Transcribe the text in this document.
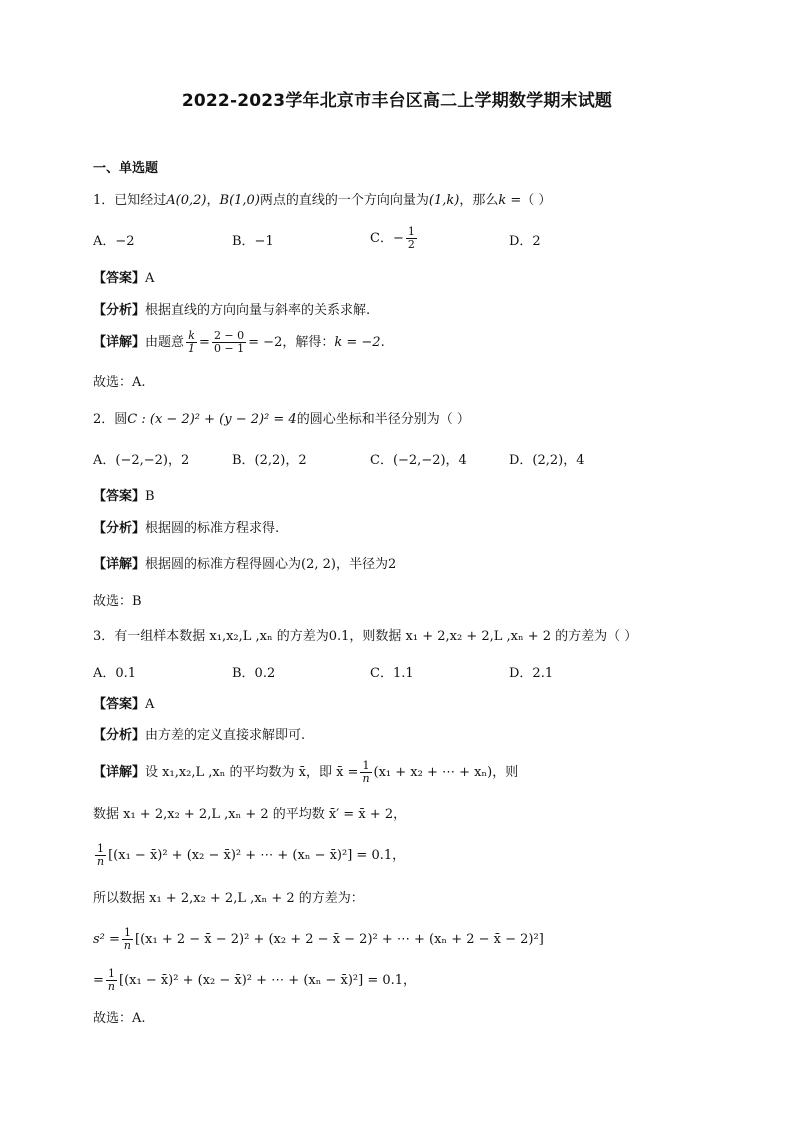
2022-2023学年北京市丰台区高二上学期数学期末试题
一、单选题
1．已知经过A(0,2)，B(1,0)两点的直线的一个方向向量为(1,k)，那么k =（ ）
A．−2	B．−1	C．− $\frac{1}{2}$	D．2
【答案】A
【分析】根据直线的方向向量与斜率的关系求解.
【详解】由题意 $\frac{k}{1} = \frac{2 - 0}{0 - 1} = -2$，解得：k = −2.
故选：A.
2．圆C : (x − 2)² + (y − 2)² = 4的圆心坐标和半径分别为（ ）
A．(−2,−2)，2	B．(2,2)，2	C．(−2,−2)，4	D．(2,2)，4
【答案】B
【分析】根据圆的标准方程求得.
【详解】根据圆的标准方程得圆心为(2, 2)，半径为2
故选：B
3．有一组样本数据 x₁,x₂,L ,xₙ 的方差为0.1，则数据 x₁ + 2,x₂ + 2,L ,xₙ + 2 的方差为（ ）
A．0.1	B．0.2	C．1.1	D．2.1
【答案】A
【分析】由方差的定义直接求解即可.
【详解】设 x₁,x₂,L ,xₙ 的平均数为 x̄，即 x̄ = $\frac{1}{n} (x_1 + x_2$ + ⋯ + xₙ)，则
数据 x₁ + 2,x₂ + 2,L ,xₙ + 2 的平均数 x̄′ = x̄ + 2，
$\frac{1}{n} [(x_1$ − x̄)² + (x₂ − x̄)² + ⋯ + (xₙ − x̄)²] = 0.1，
所以数据 x₁ + 2,x₂ + 2,L ,xₙ + 2 的方差为：
$s^2 = \frac{1}{n} [(x_1 + 2$ − x̄ − 2)² + (x₂ + 2 − x̄ − 2)² + ⋯ + (xₙ + 2 − x̄ − 2)²]
= $\frac{1}{n} [(x_1$ − x̄)² + (x₂ − x̄)² + ⋯ + (xₙ − x̄)²] = 0.1，
故选：A.
